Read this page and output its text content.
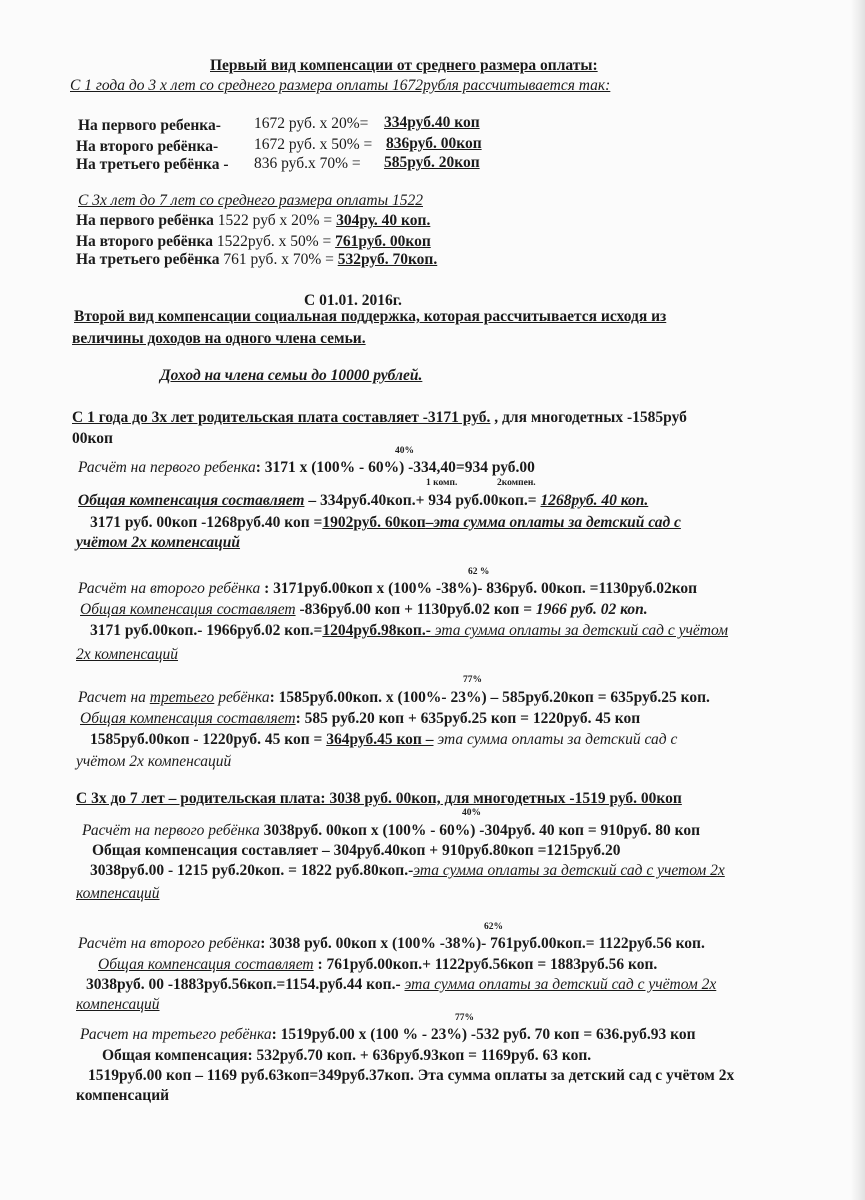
Первый вид компенсации от среднего размера оплаты:
С 1 года до 3 х лет со среднего размера оплаты 1672рубля рассчитывается так:
На первого ребенка- 1672 руб. х 20%= 334руб.40 коп
На второго ребёнка- 1672 руб. х 50% = 836руб. 00коп
На третьего ребёнка - 836 руб.х 70% = 585руб. 20коп
С 3х лет до 7 лет со среднего размера оплаты 1522
На первого ребёнка 1522 руб х 20% = 304ру. 40 коп.
На второго ребёнка 1522руб. х 50% = 761руб. 00коп
На третьего ребёнка 761 руб. х 70% = 532руб. 70коп.
С 01.01. 2016г.
Второй вид компенсации социальная поддержка, которая рассчитывается исходя из
величины доходов на одного члена семьи.
Доход на члена семьи до 10000 рублей.
С 1 года до 3х лет родительская плата составляет -3171 руб. , для многодетных -1585руб
00коп
40%
Расчёт на первого ребенка: 3171 х (100% - 60%) -334,40=934 руб.00
1 комп.	2компен.
Общая компенсация составляет – 334руб.40коп.+ 934 руб.00коп.= 1268руб. 40 коп.
3171 руб. 00коп -1268руб.40 коп =1902руб. 60коп–эта сумма оплаты за детский сад с
учётом 2х компенсаций
62 %
Расчёт на второго ребёнка : 3171руб.00коп х (100% -38%)- 836руб. 00коп. =1130руб.02коп
Общая компенсация составляет -836руб.00 коп + 1130руб.02 коп = 1966 руб. 02 коп.
3171 руб.00коп.- 1966руб.02 коп.=1204руб.98коп.- эта сумма оплаты за детский сад с учётом
2х компенсаций
77%
Расчет на третьего ребёнка: 1585руб.00коп. х (100%- 23%) – 585руб.20коп = 635руб.25 коп.
Общая компенсация составляет: 585 руб.20 коп + 635руб.25 коп = 1220руб. 45 коп
1585руб.00коп - 1220руб. 45 коп = 364руб.45 коп – эта сумма оплаты за детский сад с
учётом 2х компенсаций
С 3х до 7 лет – родительская плата: 3038 руб. 00коп, для многодетных -1519 руб. 00коп
40%
Расчёт на первого ребёнка 3038руб. 00коп х (100% - 60%) -304руб. 40 коп = 910руб. 80 коп
Общая компенсация составляет – 304руб.40коп + 910руб.80коп =1215руб.20
3038руб.00 - 1215 руб.20коп. = 1822 руб.80коп.-эта сумма оплаты за детский сад с учетом 2х
компенсаций
62%
Расчёт на второго ребёнка: 3038 руб. 00коп х (100% -38%)- 761руб.00коп.= 1122руб.56 коп.
Общая компенсация составляет : 761руб.00коп.+ 1122руб.56коп = 1883руб.56 коп.
3038руб. 00 -1883руб.56коп.=1154.руб.44 коп.- эта сумма оплаты за детский сад с учётом 2х
компенсаций
77%
Расчет на третьего ребёнка: 1519руб.00 х (100 % - 23%) -532 руб. 70 коп = 636.руб.93 коп
Общая компенсация: 532руб.70 коп. + 636руб.93коп = 1169руб. 63 коп.
1519руб.00 коп – 1169 руб.63коп=349руб.37коп. Эта сумма оплаты за детский сад с учётом 2х
компенсаций
